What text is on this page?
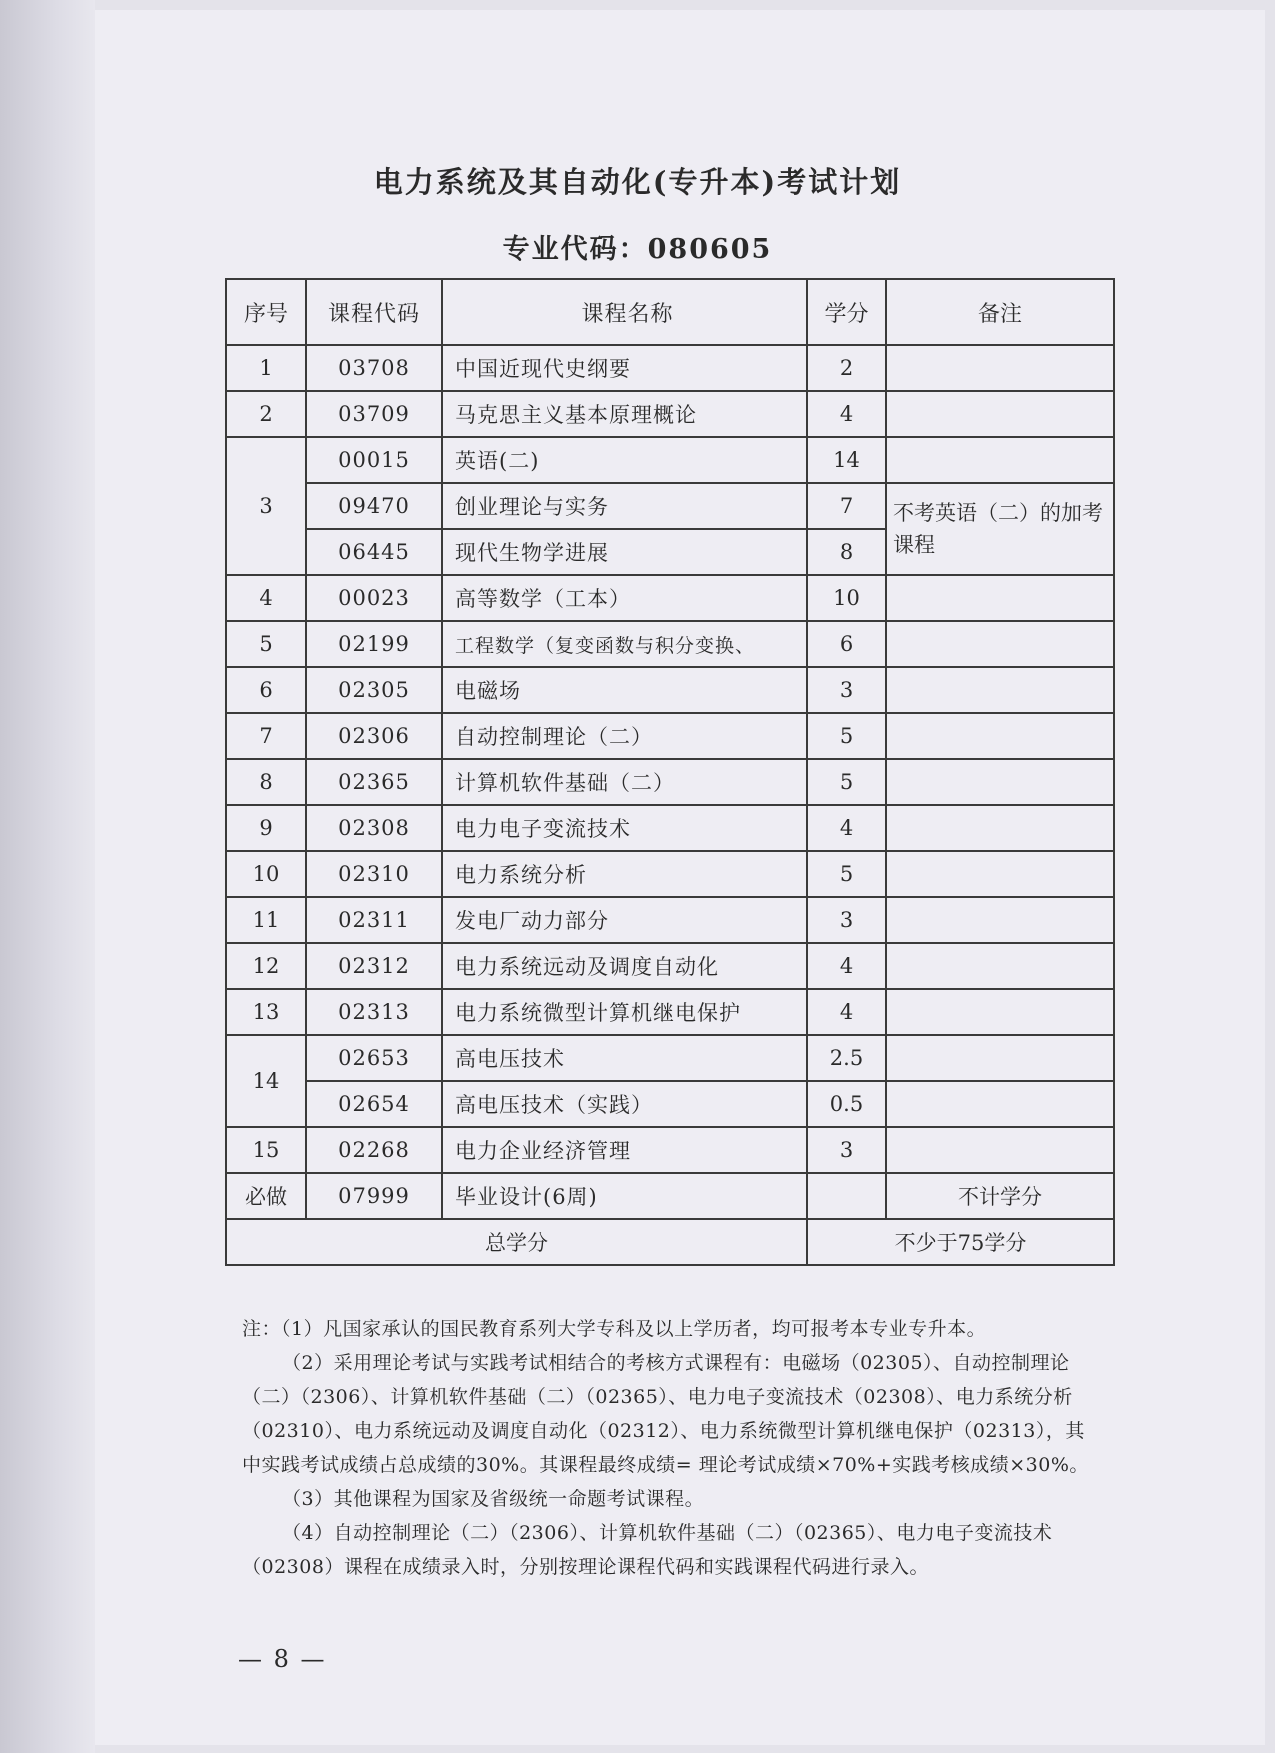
电力系统及其自动化(专升本)考试计划
专业代码：080605
序号	课程代码	课程名称	学分	备注
1	03708	中国近现代史纲要	2	
2	03709	马克思主义基本原理概论	4	
3	00015	英语(二)	14	
	09470	创业理论与实务	7	不考英语（二）的加考课程
	06445	现代生物学进展	8	
4	00023	高等数学（工本）	10	
5	02199	工程数学（复变函数与积分变换、	6	
6	02305	电磁场	3	
7	02306	自动控制理论（二）	5	
8	02365	计算机软件基础（二）	5	
9	02308	电力电子变流技术	4	
10	02310	电力系统分析	5	
11	02311	发电厂动力部分	3	
12	02312	电力系统远动及调度自动化	4	
13	02313	电力系统微型计算机继电保护	4	
14	02653	高电压技术	2.5	
	02654	高电压技术（实践）	0.5	
15	02268	电力企业经济管理	3	
必做	07999	毕业设计(6周)		不计学分
总学分			不少于75学分	

注：（1）凡国家承认的国民教育系列大学专科及以上学历者，均可报考本专业专升本。

（2）采用理论考试与实践考试相结合的考核方式课程有：电磁场（02305）、自动控制理论（二）（2306）、计算机软件基础（二）（02365）、电力电子变流技术（02308）、电力系统分析（02310）、电力系统远动及调度自动化（02312）、电力系统微型计算机继电保护（02313），其中实践考试成绩占总成绩的30%。其课程最终成绩= 理论考试成绩×70%+实践考核成绩×30%。

（3）其他课程为国家及省级统一命题考试课程。

（4）自动控制理论（二）（2306）、计算机软件基础（二）（02365）、电力电子变流技术（02308）课程在成绩录入时，分别按理论课程代码和实践课程代码进行录入。

— 8 —
